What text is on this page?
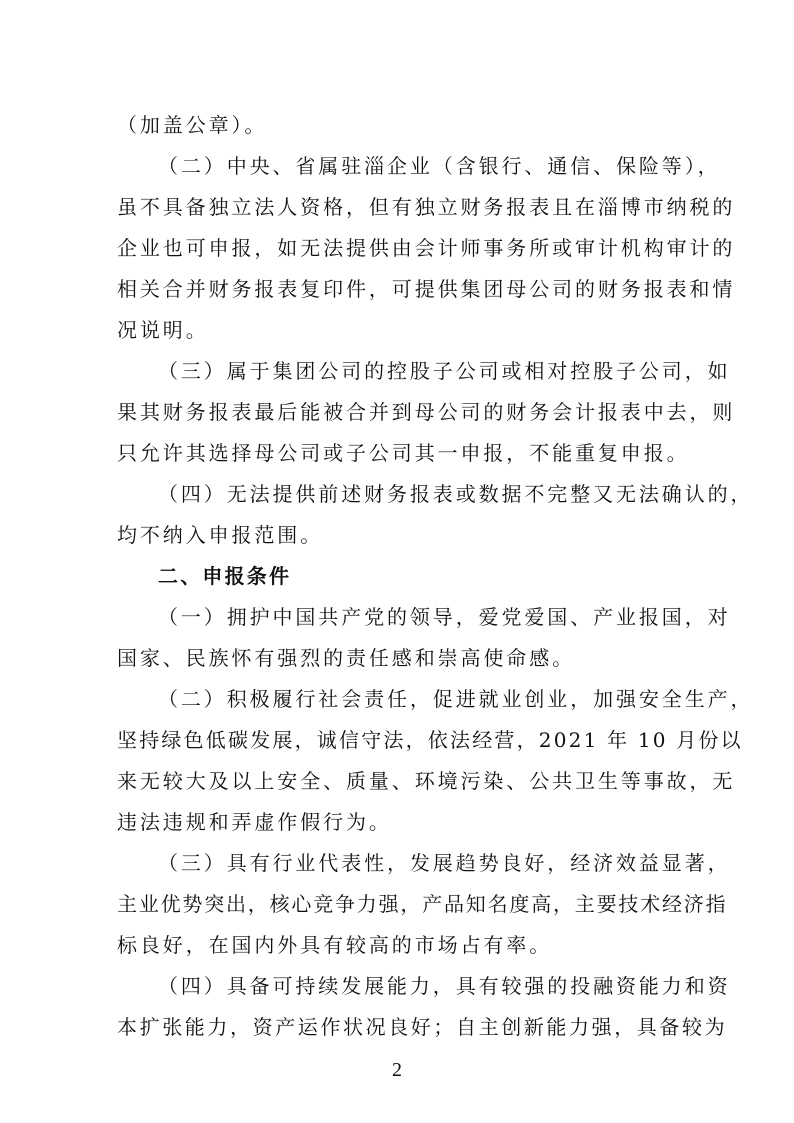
（加盖公章）。
（二）中央、省属驻淄企业（含银行、通信、保险等），
虽不具备独立法人资格，但有独立财务报表且在淄博市纳税的
企业也可申报，如无法提供由会计师事务所或审计机构审计的
相关合并财务报表复印件，可提供集团母公司的财务报表和情
况说明。
（三）属于集团公司的控股子公司或相对控股子公司，如
果其财务报表最后能被合并到母公司的财务会计报表中去，则
只允许其选择母公司或子公司其一申报，不能重复申报。
（四）无法提供前述财务报表或数据不完整又无法确认的，
均不纳入申报范围。
二、申报条件
（一）拥护中国共产党的领导，爱党爱国、产业报国，对
国家、民族怀有强烈的责任感和崇高使命感。
（二）积极履行社会责任，促进就业创业，加强安全生产，
坚持绿色低碳发展，诚信守法，依法经营，2021 年 10 月份以
来无较大及以上安全、质量、环境污染、公共卫生等事故，无
违法违规和弄虚作假行为。
（三）具有行业代表性，发展趋势良好，经济效益显著，
主业优势突出，核心竞争力强，产品知名度高，主要技术经济指
标良好，在国内外具有较高的市场占有率。
（四）具备可持续发展能力，具有较强的投融资能力和资
本扩张能力，资产运作状况良好；自主创新能力强，具备较为
2
